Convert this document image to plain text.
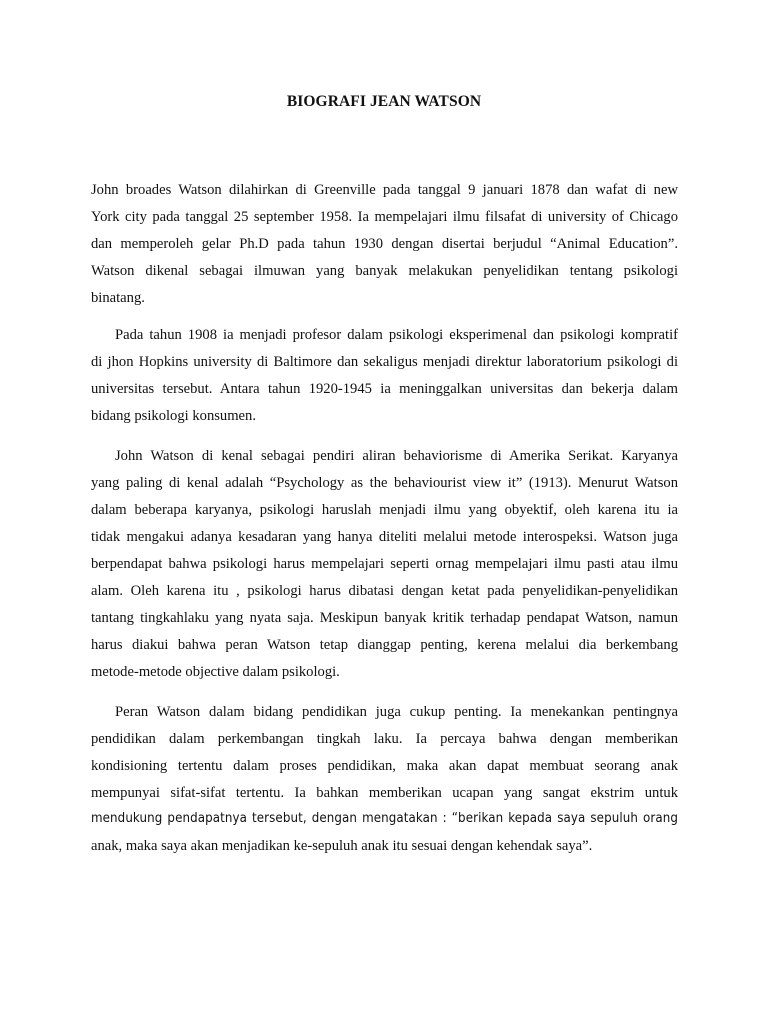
BIOGRAFI JEAN WATSON
John broades Watson dilahirkan di Greenville pada tanggal 9 januari 1878 dan wafat di new
York city pada tanggal 25 september 1958. Ia mempelajari ilmu filsafat di university of Chicago
dan memperoleh gelar Ph.D pada tahun 1930 dengan disertai berjudul “Animal Education”.
Watson dikenal sebagai ilmuwan yang banyak melakukan penyelidikan tentang psikologi
binatang.
Pada tahun 1908 ia menjadi profesor dalam psikologi eksperimenal dan psikologi kompratif
di jhon Hopkins university di Baltimore dan sekaligus menjadi direktur laboratorium psikologi di
universitas tersebut. Antara tahun 1920-1945 ia meninggalkan universitas dan bekerja dalam
bidang psikologi konsumen.
John Watson di kenal sebagai pendiri aliran behaviorisme di Amerika Serikat. Karyanya
yang paling di kenal adalah “Psychology as the behaviourist view it” (1913). Menurut Watson
dalam beberapa karyanya, psikologi haruslah menjadi ilmu yang obyektif, oleh karena itu ia
tidak mengakui adanya kesadaran yang hanya diteliti melalui metode interospeksi. Watson juga
berpendapat bahwa psikologi harus mempelajari seperti ornag mempelajari ilmu pasti atau ilmu
alam. Oleh karena itu , psikologi harus dibatasi dengan ketat pada penyelidikan-penyelidikan
tantang tingkahlaku yang nyata saja. Meskipun banyak kritik terhadap pendapat Watson, namun
harus diakui bahwa peran Watson tetap dianggap penting, kerena melalui dia berkembang
metode-metode objective dalam psikologi.
Peran Watson dalam bidang pendidikan juga cukup penting. Ia menekankan pentingnya
pendidikan dalam perkembangan tingkah laku. Ia percaya bahwa dengan memberikan
kondisioning tertentu dalam proses pendidikan, maka akan dapat membuat seorang anak
mempunyai sifat-sifat tertentu. Ia bahkan memberikan ucapan yang sangat ekstrim untuk
mendukung pendapatnya tersebut, dengan mengatakan : “berikan kepada saya sepuluh orang
anak, maka saya akan menjadikan ke-sepuluh anak itu sesuai dengan kehendak saya”.
